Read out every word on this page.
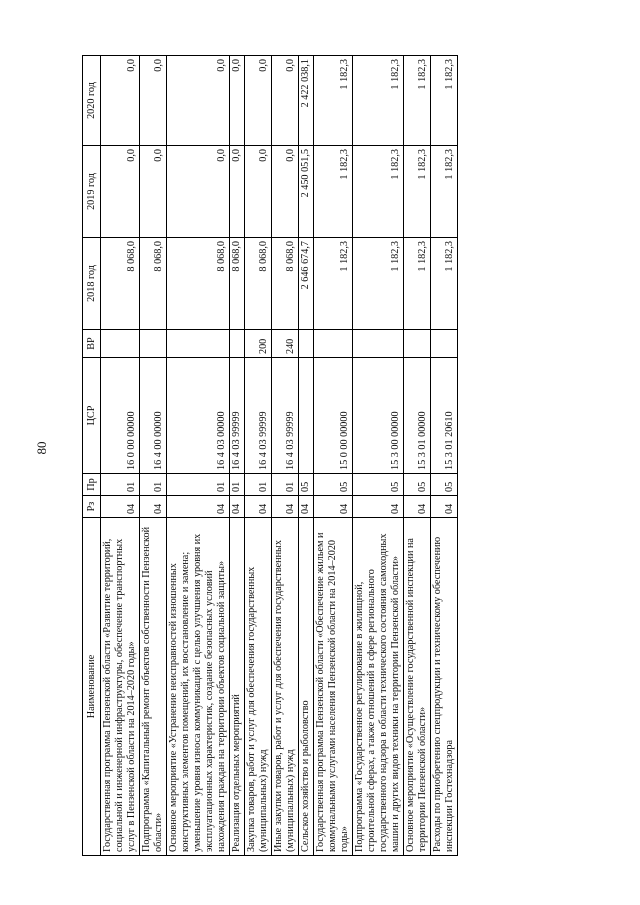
80
Наименование	Рз	Пр	ЦСР	ВР	2018 год	2019 год	2020 год
Государственная программа Пензенской области «Развитие территорий, социальной и инженерной инфраструктуры, обеспечение транспортных услуг в Пензенской области на 2014–2020 годы»	04	01	16 0 00 00000		8 068,0	0,0	0,0
Подпрограмма «Капитальный ремонт объектов собственности Пензенской области»	04	01	16 4 00 00000		8 068,0	0,0	0,0
Основное мероприятие «Устранение неисправностей изношенных конструктивных элементов помещений, их восстановление и замена; уменьшение уровня износа коммуникаций с целью улучшения уровня их эксплуатационных характеристик, создание безопасных условий нахождения граждан на территории объектов социальной защиты»	04	01	16 4 03 00000		8 068,0	0,0	0,0
Реализация отдельных мероприятий	04	01	16 4 03 99999		8 068,0	0,0	0,0
Закупка товаров, работ и услуг для обеспечения государственных (муниципальных) нужд	04	01	16 4 03 99999	200	8 068,0	0,0	0,0
Иные закупки товаров, работ и услуг для обеспечения государственных (муниципальных) нужд	04	01	16 4 03 99999	240	8 068,0	0,0	0,0
Сельское хозяйство и рыболовство	04	05			2 646 674,7	2 450 051,5	2 422 038,1
Государственная программа Пензенской области «Обеспечение жильем и коммунальными услугами населения Пензенской области на 2014–2020 годы»	04	05	15 0 00 00000		1 182,3	1 182,3	1 182,3
Подпрограмма «Государственное регулирование в жилищной, строительной сферах, а также отношений в сфере регионального государственного надзора в области технического состояния самоходных машин и других видов техники на территории Пензенской области»	04	05	15 3 00 00000		1 182,3	1 182,3	1 182,3
Основное мероприятие «Осуществление государственной инспекции на территории Пензенской области»	04	05	15 3 01 00000		1 182,3	1 182,3	1 182,3
Расходы по приобретению спецпродукции и техническому обеспечению инспекции Гостехнадзора	04	05	15 3 01 20610		1 182,3	1 182,3	1 182,3
